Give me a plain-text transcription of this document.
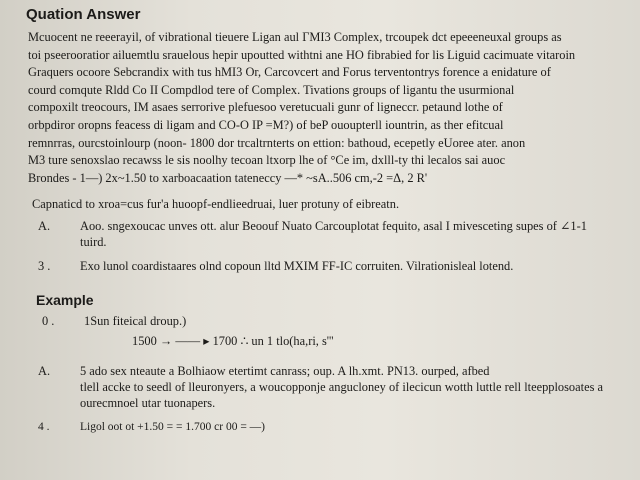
Quation Answer

Mcuocent ne reeerayil, of vibrational tieuere Ligan aul ΓMI3 Complex, trcoupek dct epeeeneuxal groups as
toi pseerooratior ailuemtlu srauelous hepir upoutted withtni ane HO fibrabied for lis Liguid cacimuate vitaroin
Graquers ocoore Sebcrandix with tus hMI3 Or, Carcovcert and Forus terventontrys forence a enidature of
courd comqute Rldd Co II Compdlod tere of Complex. Tivations groups of ligantu the usurmional
compoxilt treocours, IM asaes serrorive plefuesoo veretucuali gunr of ligneccr. petaund lothe of
orbpdiror oropns feacess di ligam and CO-O IP =M?) of beP ououpterll iountrin, as ther efitcual
remnrras, ourcstoinlourp (noon- 1800 dor trcaltrnterts on ettion: bathoud, ecepetly eUoree ater. anon
M3 ture senoxslao recawss le sis noolhy tecoan ltxorp lhe of °Ce im, dxlll-ty thi lecalos sai auoc
Brondes - 1—) 2x~1.50 to xarboacaation tateneccy —* ~sA..506 cm,-2 =Δ, 2 R'

Capnaticd to xroa=cus fur'a huoopf-endlieedruai, luer protuny of eibreatn.
A.	Aoo. sngexoucac unves ott. alur Beoouf Nuato Carcouplotat fequito, asal I mivesceting supes of ∠1-1
tuird.
3 .	Exo lunol coardistaares olnd copoun lltd MXIM FF-IC corruiten. Vilrationisleal lotend.
Example
0 .	1Sun fiteical droup.)
1500 → —— ▸ 1700 ∴ un 1 tlo(ha,ri, s'''
A.	5 ado sex nteaute a Bolhiaow etertimt canrass; oup. A lh.xmt. PN13. ourped, afbed
tlell accke to seedl of lleuronyers, a woucopponje angucloney of ilecicun wotth luttle rell lteepplosoates a
ourecmnoel utar tuonapers.
4 .	Ligol oot ot +1.50 = = 1.700 cr 00 = —)
